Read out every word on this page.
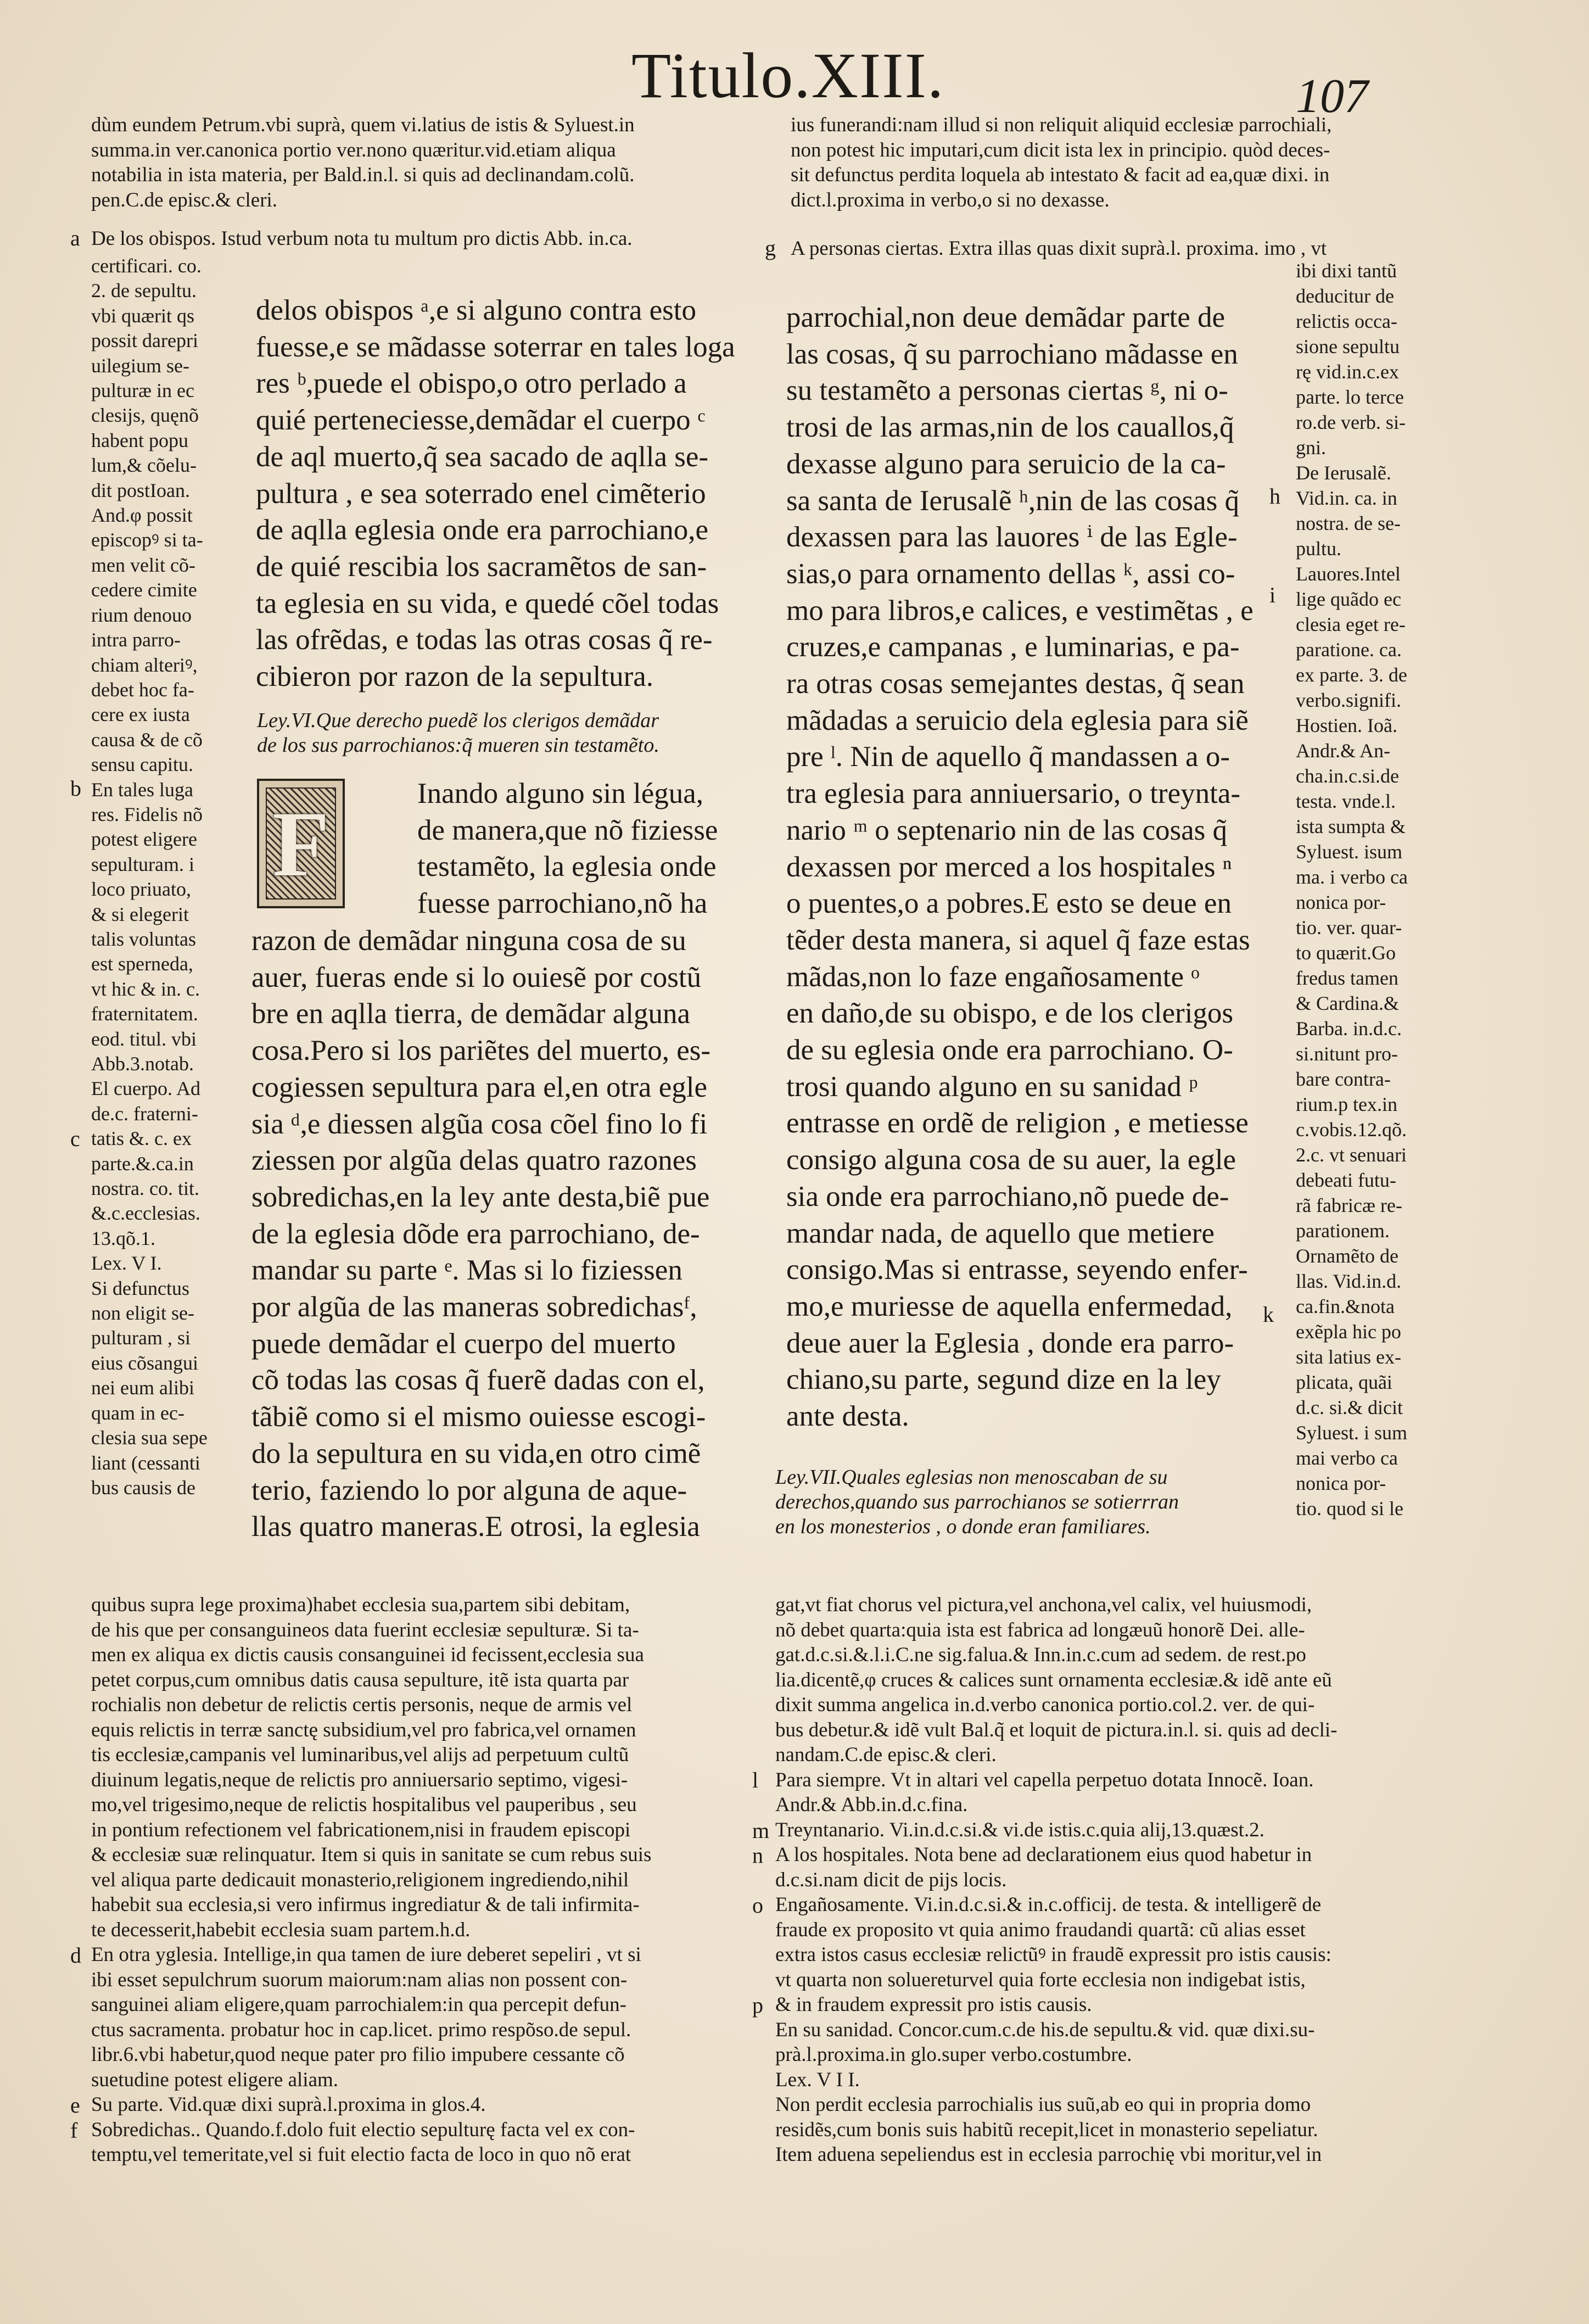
Titulo.XIII.	107
dùm eundem Petrum.vbi suprà, quem vi.latius de istis & Syluest.in
summa.in ver.canonica portio ver.nono quæritur.vid.etiam aliqua
notabilia in ista materia, per Bald.in.l. si quis ad declinandam.colũ.
pen.C.de episc.& cleri.
a De los obispos. Istud verbum nota tu multum pro dictis Abb. in.ca.
ius funerandi:nam illud si non reliquit aliquid ecclesiæ parrochiali,
non potest hic imputari,cum dicit ista lex in principio. quòd deces-
sit defunctus perdita loquela ab intestato & facit ad ea,quæ dixi. in
dict.l.proxima in verbo,o si no dexasse.
g A personas ciertas. Extra illas quas dixit suprà.l. proxima. imo , vt
certificari. co.
2. de sepultu.
vbi quærit qs
possit darepri
uilegium se-
pulturæ in ec
clesijs, quęnõ
habent popu
lum,& cõelu-
dit postIoan.
And.φ possit
episcopꝰ si ta-
men velit cõ-
cedere cimite
rium denouo
intra parro-
chiam alteriꝰ,
debet hoc fa-
cere ex iusta
causa & de cõ
sensu capitu.
En tales luga
res. Fidelis nõ
potest eligere
sepulturam. i
loco priuato,
& si elegerit
talis voluntas
est sperneda,
vt hic & in. c.
fraternitatem.
eod. titul. vbi
Abb.3.notab.
El cuerpo. Ad
de.c. fraterni-
tatis &. c. ex
parte.&.ca.in
nostra. co. tit.
&.c.ecclesias.
13.qõ.1.
Lex. V I.
Si defunctus
non eligit se-
pulturam , si
eius cõsangui
nei eum alibi
quam in ec-
clesia sua sepe
liant (cessanti
bus causis de
b
c
delos obispos ᵃ,e si alguno contra esto
fuesse,e se mãdasse soterrar en tales loga
res ᵇ,puede el obispo,o otro perlado a
quié perteneciesse,demãdar el cuerpo ᶜ
de aql muerto,q̃ sea sacado de aqlla se-
pultura , e sea soterrado enel cimẽterio
de aqlla eglesia onde era parrochiano,e
de quié rescibia los sacramẽtos de san-
ta eglesia en su vida, e quedé cõel todas
las ofrẽdas, e todas las otras cosas q̃ re-
cibieron por razon de la sepultura.
Ley.VI.Que derecho puedẽ los clerigos demãdar
de los sus parrochianos:q̃ mueren sin testamẽto.
F	Inando alguno sin légua,
de manera,que nõ fiziesse
testamẽto, la eglesia onde
fuesse parrochiano,nõ ha
razon de demãdar ninguna cosa de su
auer, fueras ende si lo ouiesẽ por costũ
bre en aqlla tierra, de demãdar alguna
cosa.Pero si los pariẽtes del muerto, es-
cogiessen sepultura para el,en otra egle
sia ᵈ,e diessen algũa cosa cõel fino lo fi
ziessen por algũa delas quatro razones
sobredichas,en la ley ante desta,biẽ pue
de la eglesia dõde era parrochiano, de-
mandar su parte ᵉ. Mas si lo fiziessen
por algũa de las maneras sobredichasᶠ,
puede demãdar el cuerpo del muerto
cõ todas las cosas q̃ fuerẽ dadas con el,
tãbiẽ como si el mismo ouiesse escogi-
do la sepultura en su vida,en otro cimẽ
terio, faziendo lo por alguna de aque-
llas quatro maneras.E otrosi, la eglesia
parrochial,non deue demãdar parte de
las cosas, q̃ su parrochiano mãdasse en
su testamẽto a personas ciertas ᵍ, ni o-
trosi de las armas,nin de los cauallos,q̃
dexasse alguno para seruicio de la ca-
sa santa de Ierusalẽ ʰ,nin de las cosas q̃
dexassen para las lauores ⁱ de las Egle-
sias,o para ornamento dellas ᵏ, assi co-
mo para libros,e calices, e vestimẽtas , e
cruzes,e campanas , e luminarias, e pa-
ra otras cosas semejantes destas, q̃ sean
mãdadas a seruicio dela eglesia para siẽ
pre ˡ. Nin de aquello q̃ mandassen a o-
tra eglesia para anniuersario, o treynta-
nario ᵐ o septenario nin de las cosas q̃
dexassen por merced a los hospitales ⁿ
o puentes,o a pobres.E esto se deue en
tẽder desta manera, si aquel q̃ faze estas
mãdas,non lo faze engañosamente ᵒ
en daño,de su obispo, e de los clerigos
de su eglesia onde era parrochiano. O-
trosi quando alguno en su sanidad ᵖ
entrasse en ordẽ de religion , e metiesse
consigo alguna cosa de su auer, la egle
sia onde era parrochiano,nõ puede de-
mandar nada, de aquello que metiere
consigo.Mas si entrasse, seyendo enfer-
mo,e muriesse de aquella enfermedad,
deue auer la Eglesia , donde era parro-
chiano,su parte, segund dize en la ley
ante desta.
Ley.VII.Quales eglesias non menoscaban de su
derechos,quando sus parrochianos se sotierrran
en los monesterios , o donde eran familiares.
ibi dixi tantũ
deducitur de
relictis occa-
sione sepultu
rę vid.in.c.ex
parte. lo terce
ro.de verb. si-
gni.
De Ierusalẽ.
Vid.in. ca. in
nostra. de se-
pultu.
Lauores.Intel
lige quãdo ec
clesia eget re-
paratione. ca.
ex parte. 3. de
verbo.signifi.
Hostien. Ioã.
Andr.& An-
cha.in.c.si.de
testa. vnde.l.
ista sumpta &
Syluest. isum
ma. i verbo ca
nonica por-
tio. ver. quar-
to quærit.Go
fredus tamen
& Cardina.&
Barba. in.d.c.
si.nitunt pro-
bare contra-
rium.p tex.in
c.vobis.12.qõ.
2.c. vt senuari
debeati futu-
rã fabricæ re-
parationem.
Ornamẽto de
llas. Vid.in.d.
ca.fin.&nota
exẽpla hic po
sita latius ex-
plicata, quãi
d.c. si.& dicit
Syluest. i sum
mai verbo ca
nonica por-
tio. quod si le
h
i
k
quibus supra lege proxima)habet ecclesia sua,partem sibi debitam,
de his que per consanguineos data fuerint ecclesiæ sepulturæ. Si ta-
men ex aliqua ex dictis causis consanguinei id fecissent,ecclesia sua
petet corpus,cum omnibus datis causa sepulture, itẽ ista quarta par
rochialis non debetur de relictis certis personis, neque de armis vel
equis relictis in terræ sanctę subsidium,vel pro fabrica,vel ornamen
tis ecclesiæ,campanis vel luminaribus,vel alijs ad perpetuum cultũ
diuinum legatis,neque de relictis pro anniuersario septimo, vigesi-
mo,vel trigesimo,neque de relictis hospitalibus vel pauperibus , seu
in pontium refectionem vel fabricationem,nisi in fraudem episcopi
& ecclesiæ suæ relinquatur. Item si quis in sanitate se cum rebus suis
vel aliqua parte dedicauit monasterio,religionem ingrediendo,nihil
habebit sua ecclesia,si vero infirmus ingrediatur & de tali infirmita-
te decesserit,habebit ecclesia suam partem.h.d.
En otra yglesia. Intellige,in qua tamen de iure deberet sepeliri , vt si
ibi esset sepulchrum suorum maiorum:nam alias non possent con-
sanguinei aliam eligere,quam parrochialem:in qua percepit defun-
ctus sacramenta. probatur hoc in cap.licet. primo respõso.de sepul.
libr.6.vbi habetur,quod neque pater pro filio impubere cessante cõ
suetudine potest eligere aliam.
Su parte. Vid.quæ dixi suprà.l.proxima in glos.4.
Sobredichas.. Quando.f.dolo fuit electio sepulturę facta vel ex con-
temptu,vel temeritate,vel si fuit electio facta de loco in quo nõ erat
d
e
f
gat,vt fiat chorus vel pictura,vel anchona,vel calix, vel huiusmodi,
nõ debet quarta:quia ista est fabrica ad longæuũ honorẽ Dei. alle-
gat.d.c.si.&.l.i.C.ne sig.falua.& Inn.in.c.cum ad sedem. de rest.po
lia.dicentẽ,φ cruces & calices sunt ornamenta ecclesiæ.& idẽ ante eũ
dixit summa angelica in.d.verbo canonica portio.col.2. ver. de qui-
bus debetur.& idẽ vult Bal.q̃ et loquit de pictura.in.l. si. quis ad decli-
nandam.C.de episc.& cleri.
Para siempre. Vt in altari vel capella perpetuo dotata Innocẽ. Ioan.
Andr.& Abb.in.d.c.fina.
Treyntanario. Vi.in.d.c.si.& vi.de istis.c.quia alij,13.quæst.2.
A los hospitales. Nota bene ad declarationem eius quod habetur in
d.c.si.nam dicit de pijs locis.
Engañosamente. Vi.in.d.c.si.& in.c.officij. de testa. & intelligerẽ de
fraude ex proposito vt quia animo fraudandi quartã: cũ alias esset
extra istos casus ecclesiæ relictũꝰ in fraudẽ expressit pro istis causis:
vt quarta non soluereturvel quia forte ecclesia non indigebat istis,
& in fraudem expressit pro istis causis.
En su sanidad. Concor.cum.c.de his.de sepultu.& vid. quæ dixi.su-
prà.l.proxima.in glo.super verbo.costumbre.
Lex. V I I.
Non perdit ecclesia parrochialis ius suũ,ab eo qui in propria domo
residẽs,cum bonis suis habitũ recepit,licet in monasterio sepeliatur.
Item aduena sepeliendus est in ecclesia parrochię vbi moritur,vel in
l
m
n
o
p
